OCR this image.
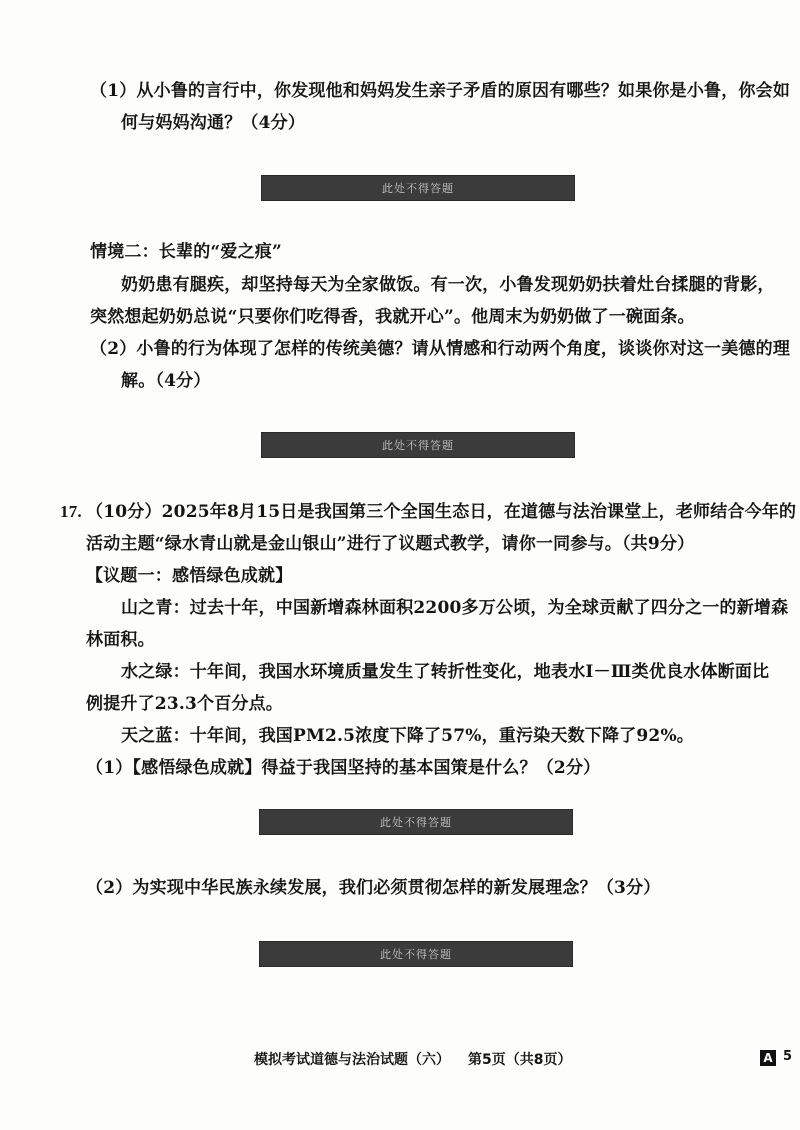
（1）从小鲁的言行中，你发现他和妈妈发生亲子矛盾的原因有哪些？如果你是小鲁，你会如
何与妈妈沟通？（4分）
此处不得答题
情境二：长辈的“爱之痕”
奶奶患有腿疾，却坚持每天为全家做饭。有一次，小鲁发现奶奶扶着灶台揉腿的背影，
突然想起奶奶总说“只要你们吃得香，我就开心”。他周末为奶奶做了一碗面条。
（2）小鲁的行为体现了怎样的传统美德？请从情感和行动两个角度，谈谈你对这一美德的理
解。（4分）
此处不得答题
17. （10分）2025年8月15日是我国第三个全国生态日，在道德与法治课堂上，老师结合今年的
活动主题“绿水青山就是金山银山”进行了议题式教学，请你一同参与。（共9分）
【议题一：感悟绿色成就】
山之青：过去十年，中国新增森林面积2200多万公顷，为全球贡献了四分之一的新增森
林面积。
水之绿：十年间，我国水环境质量发生了转折性变化，地表水Ⅰ－Ⅲ类优良水体断面比
例提升了23.3个百分点。
天之蓝：十年间，我国PM2.5浓度下降了57%，重污染天数下降了92%。
（1）【感悟绿色成就】得益于我国坚持的基本国策是什么？（2分）
此处不得答题
（2）为实现中华民族永续发展，我们必须贯彻怎样的新发展理念？（3分）
此处不得答题
模拟考试道德与法治试题（六） 第5页（共8页）	A 5
